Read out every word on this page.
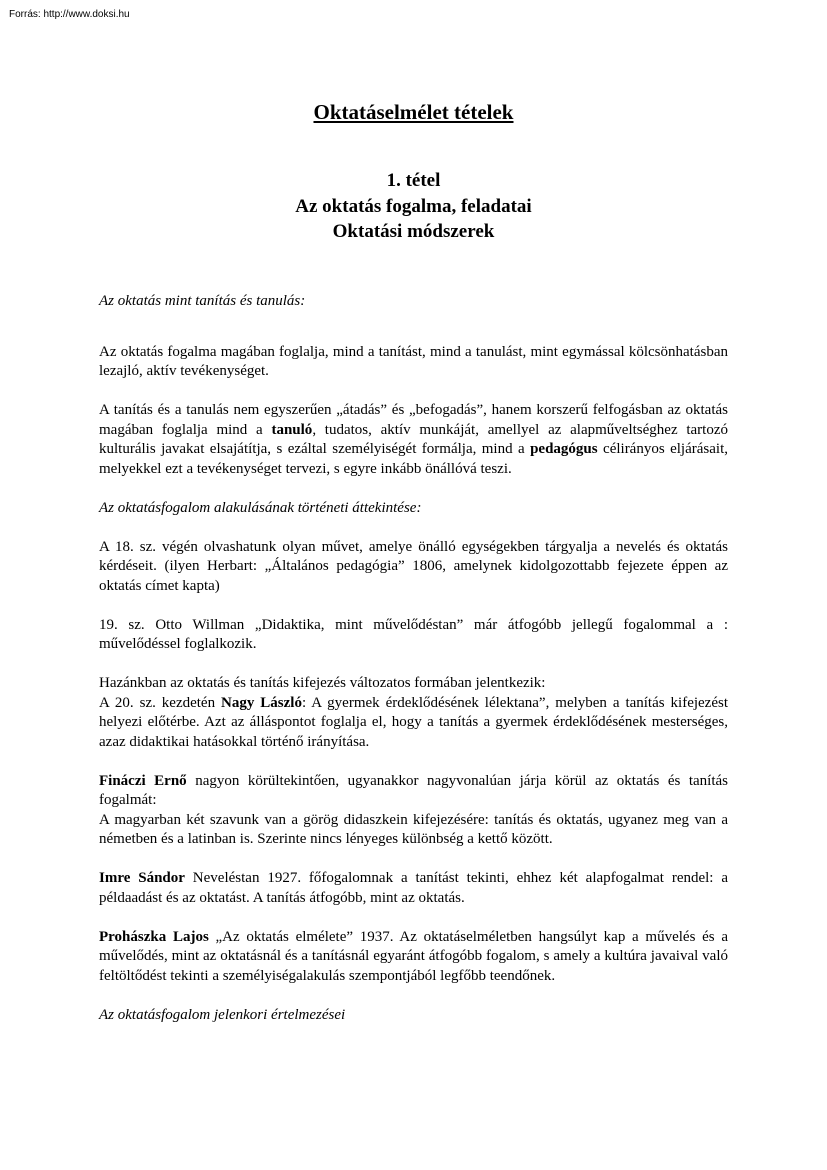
Forrás: http://www.doksi.hu
Oktatáselmélet tételek
1. tétel
Az oktatás fogalma, feladatai
Oktatási módszerek

Az oktatás mint tanítás és tanulás:

Az oktatás fogalma magában foglalja, mind a tanítást, mind a tanulást, mint egymással kölcsönhatásban lezajló, aktív tevékenységet.

A tanítás és a tanulás nem egyszerűen „átadás” és „befogadás”, hanem korszerű felfogásban az oktatás magában foglalja mind a tanuló, tudatos, aktív munkáját, amellyel az alapműveltséghez tartozó kulturális javakat elsajátítja, s ezáltal személyiségét formálja, mind a pedagógus célirányos eljárásait, melyekkel ezt a tevékenységet tervezi, s egyre inkább önállóvá teszi.

Az oktatásfogalom alakulásának történeti áttekintése:

A 18. sz. végén olvashatunk olyan művet, amelye önálló egységekben tárgyalja a nevelés és oktatás kérdéseit. (ilyen Herbart: „Általános pedagógia” 1806, amelynek kidolgozottabb fejezete éppen az oktatás címet kapta)

19. sz. Otto Willman „Didaktika, mint művelődéstan” már átfogóbb jellegű fogalommal a : művelődéssel foglalkozik.

Hazánkban az oktatás és tanítás kifejezés változatos formában jelentkezik:

A 20. sz. kezdetén Nagy László: A gyermek érdeklődésének lélektana”, melyben a tanítás kifejezést helyezi előtérbe. Azt az álláspontot foglalja el, hogy a tanítás a gyermek érdeklődésének mesterséges, azaz didaktikai hatásokkal történő irányítása.

Fináczi Ernő nagyon körültekintően, ugyanakkor nagyvonalúan járja körül az oktatás és tanítás fogalmát:

A magyarban két szavunk van a görög didaszkein kifejezésére: tanítás és oktatás, ugyanez meg van a németben és a latinban is. Szerinte nincs lényeges különbség a kettő között.

Imre Sándor Neveléstan 1927. főfogalomnak a tanítást tekinti, ehhez két alapfogalmat rendel: a példaadást és az oktatást. A tanítás átfogóbb, mint az oktatás.

Prohászka Lajos „Az oktatás elmélete” 1937. Az oktatáselméletben hangsúlyt kap a művelés és a művelődés, mint az oktatásnál és a tanításnál egyaránt átfogóbb fogalom, s amely a kultúra javaival való feltöltődést tekinti a személyiségalakulás szempontjából legfőbb teendőnek.

Az oktatásfogalom jelenkori értelmezései
